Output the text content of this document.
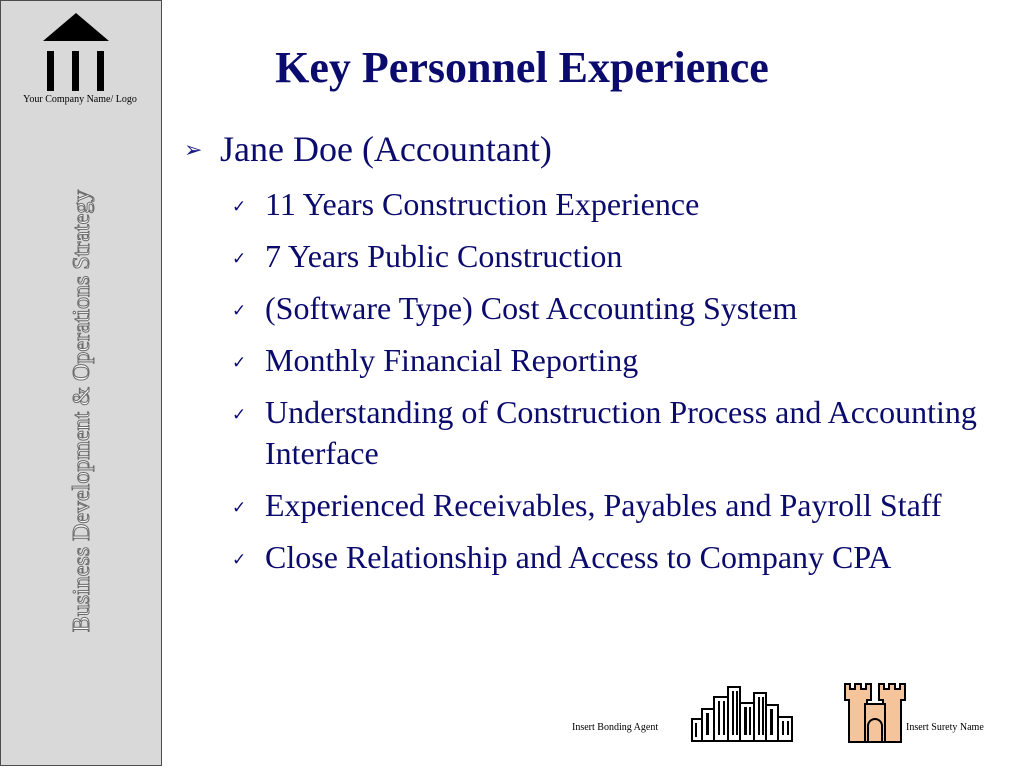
Your Company Name/ Logo
Business Development & Operations Strategy
Key Personnel Experience
➢ Jane Doe (Accountant)
✓ 11 Years Construction Experience
✓ 7 Years Public Construction
✓ (Software Type) Cost Accounting System
✓ Monthly Financial Reporting
✓ Understanding of Construction Process and Accounting Interface
✓ Experienced Receivables, Payables and Payroll Staff
✓ Close Relationship and Access to Company CPA
Insert Bonding Agent	Insert Surety Name
